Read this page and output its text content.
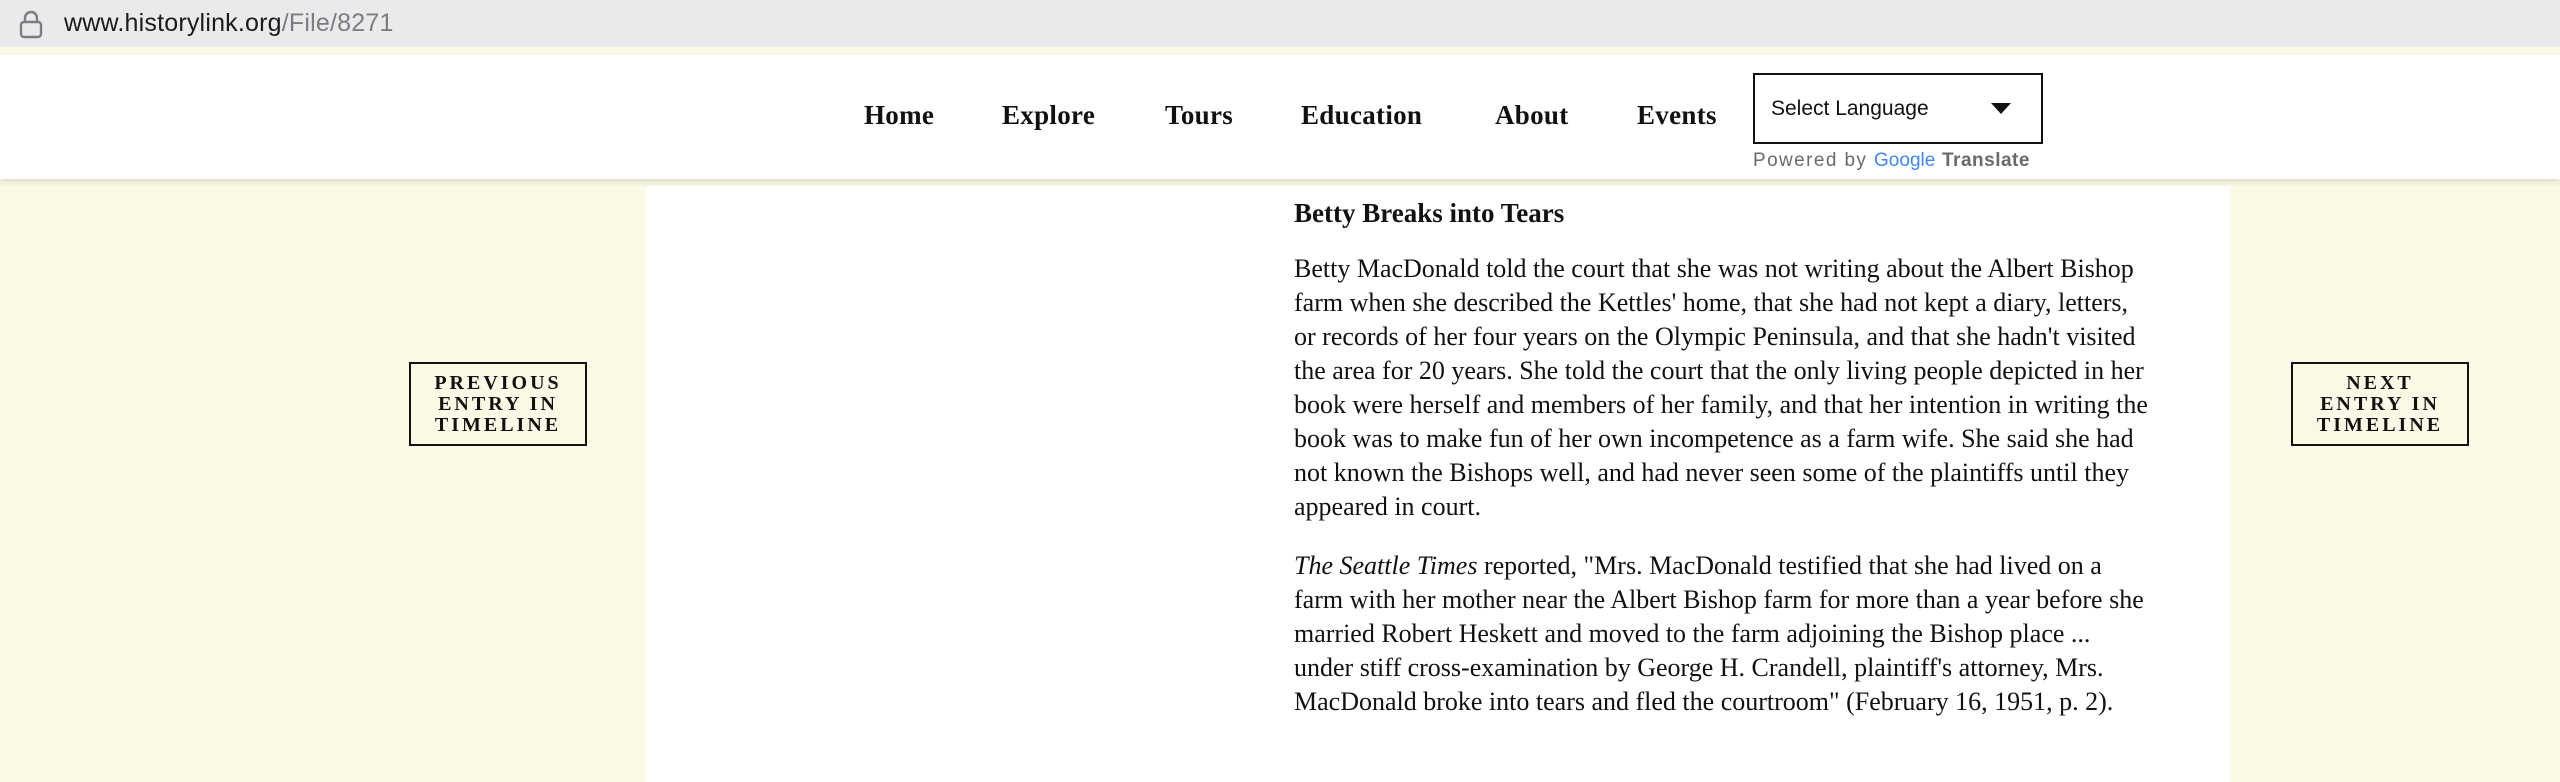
www.historylink.org/File/8271
Home	Explore	Tours	Education	About	Events	Select Language
Powered by Google Translate
PREVIOUS ENTRY IN TIMELINE
NEXT ENTRY IN TIMELINE
Betty Breaks into Tears

Betty MacDonald told the court that she was not writing about the Albert Bishop farm when she described the Kettles' home, that she had not kept a diary, letters, or records of her four years on the Olympic Peninsula, and that she hadn't visited the area for 20 years. She told the court that the only living people depicted in her book were herself and members of her family, and that her intention in writing the book was to make fun of her own incompetence as a farm wife. She said she had not known the Bishops well, and had never seen some of the plaintiffs until they appeared in court.

The Seattle Times reported, "Mrs. MacDonald testified that she had lived on a farm with her mother near the Albert Bishop farm for more than a year before she married Robert Heskett and moved to the farm adjoining the Bishop place ... under stiff cross-examination by George H. Crandell, plaintiff's attorney, Mrs. MacDonald broke into tears and fled the courtroom" (February 16, 1951, p. 2).
